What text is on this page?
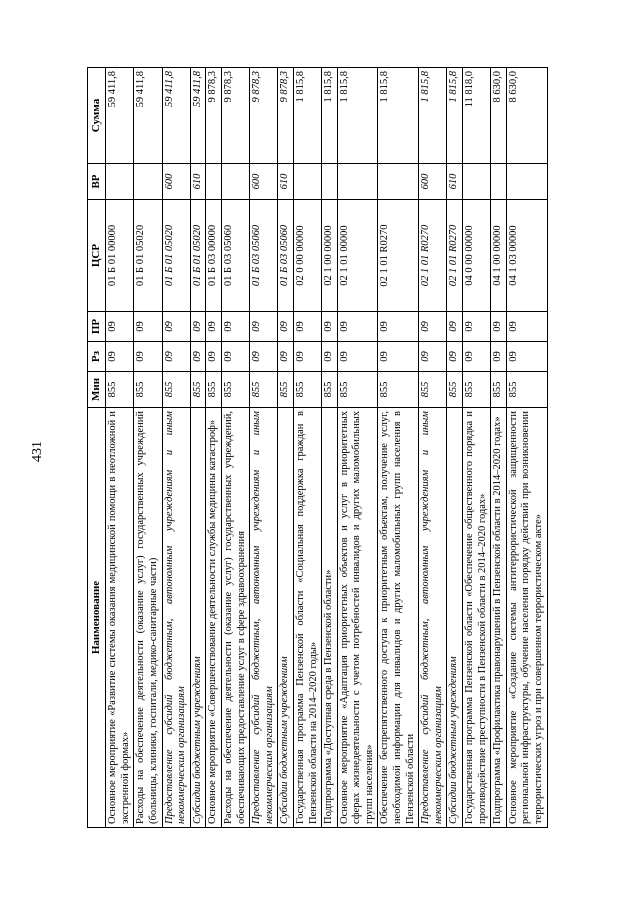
431
Наименование	Мин	Рз	ПР	ЦСР	ВР	Сумма
Основное мероприятие «Развитие системы оказания медицинской помощи в неотложной и экстренной формах»	855	09	09	01 Б 01 00000		59 411,8
Расходы на обеспечение деятельности (оказание услуг) государственных учреждений (больницы, клиники, госпитали, медико-санитарные части)	855	09	09	01 Б 01 05020		59 411,8
Предоставление субсидий бюджетным, автономным учреждениям и иным некоммерческим организациям	855	09	09	01 Б 01 05020	600	59 411,8
Субсидии бюджетным учреждениям	855	09	09	01 Б 01 05020	610	59 411,8
Основное мероприятие «Совершенствование деятельности службы медицины катастроф»	855	09	09	01 Б 03 00000		9 878,3
Расходы на обеспечение деятельности (оказание услуг) государственных учреждений, обеспечивающих предоставление услуг в сфере здравоохранения	855	09	09	01 Б 03 05060		9 878,3
Предоставление субсидий бюджетным, автономным учреждениям и иным некоммерческим организациям	855	09	09	01 Б 03 05060	600	9 878,3
Субсидии бюджетным учреждениям	855	09	09	01 Б 03 05060	610	9 878,3
Государственная программа Пензенской области «Социальная поддержка граждан в Пензенской области на 2014–2020 годы»	855	09	09	02 0 00 00000		1 815,8
Подпрограмма «Доступная среда в Пензенской области»	855	09	09	02 1 00 00000		1 815,8
Основное мероприятие «Адаптация приоритетных объектов и услуг в приоритетных сферах жизнедеятельности с учетом потребностей инвалидов и других маломобильных групп населения»	855	09	09	02 1 01 00000		1 815,8
Обеспечение беспрепятственного доступа к приоритетным объектам, получение услуг, необходимой информации для инвалидов и других маломобильных групп населения в Пензенской области	855	09	09	02 1 01 R0270		1 815,8
Предоставление субсидий бюджетным, автономным учреждениям и иным некоммерческим организациям	855	09	09	02 1 01 R0270	600	1 815,8
Субсидии бюджетным учреждениям	855	09	09	02 1 01 R0270	610	1 815,8
Государственная программа Пензенской области «Обеспечение общественного порядка и противодействие преступности в Пензенской области в 2014–2020 годах»	855	09	09	04 0 00 00000		11 818,0
Подпрограмма «Профилактика правонарушений в Пензенской области в 2014–2020 годах»	855	09	09	04 1 00 00000		8 630,0
Основное мероприятие «Создание системы антитеррористической защищенности региональной инфраструктуры, обучение населения порядку действий при возникновении террористических угроз и при совершенном террористическом акте»	855	09	09	04 1 03 00000		8 630,0
